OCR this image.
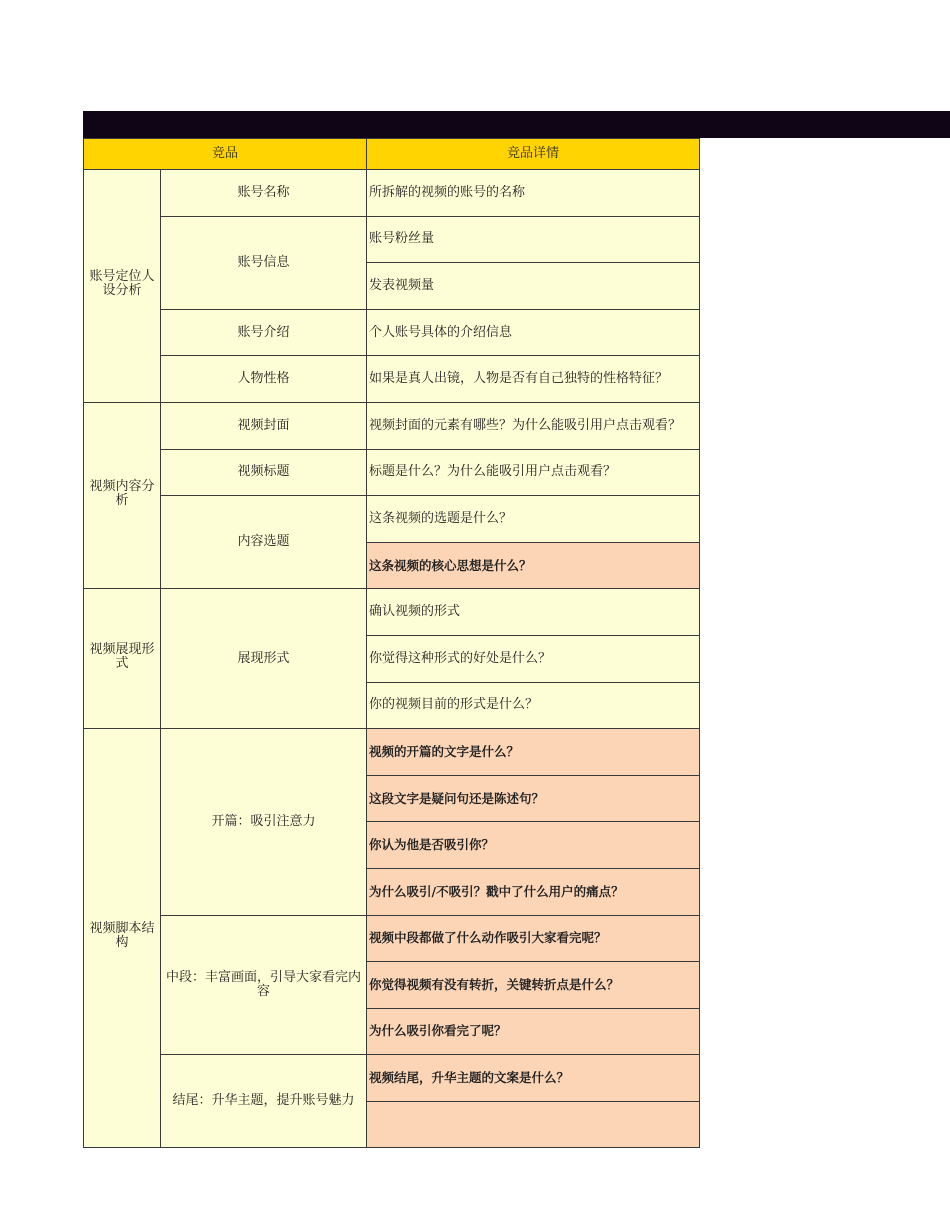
竞品		竞品详情

账号定位人设分析	账号名称	所拆解的视频的账号的名称
	账号信息	账号粉丝量
		发表视频量
	账号介绍	个人账号具体的介绍信息
	人物性格	如果是真人出镜，人物是否有自己独特的性格特征？

视频内容分析	视频封面	视频封面的元素有哪些？为什么能吸引用户点击观看？
	视频标题	标题是什么？为什么能吸引用户点击观看？
	内容选题	这条视频的选题是什么？
		这条视频的核心思想是什么？

视频展现形式	展现形式	确认视频的形式
		你觉得这种形式的好处是什么？
		你的视频目前的形式是什么？

视频脚本结构	开篇：吸引注意力	视频的开篇的文字是什么？
		这段文字是疑问句还是陈述句？
		你认为他是否吸引你？
		为什么吸引/不吸引？戳中了什么用户的痛点？
	中段：丰富画面，引导大家看完内容	视频中段都做了什么动作吸引大家看完呢？
		你觉得视频有没有转折，关键转折点是什么？
		为什么吸引你看完了呢？
	结尾：升华主题，提升账号魅力	视频结尾，升华主题的文案是什么？
